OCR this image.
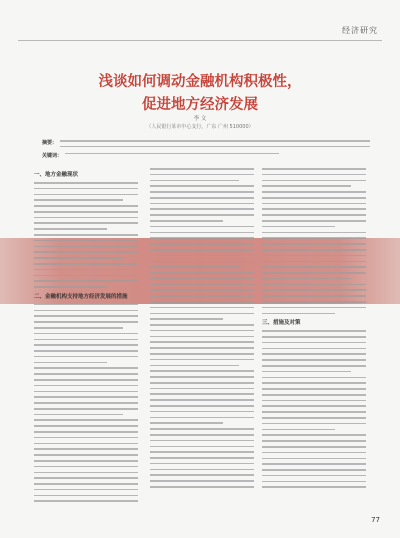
经济研究
浅谈如何调动金融机构积极性，
促进地方经济发展
李 文
（人民银行某市中心支行，广东 广州 510000）
摘要：
关键词：
一、地方金融现状
二、金融机构支持地方经济发展的措施
三、措施及对策
77
